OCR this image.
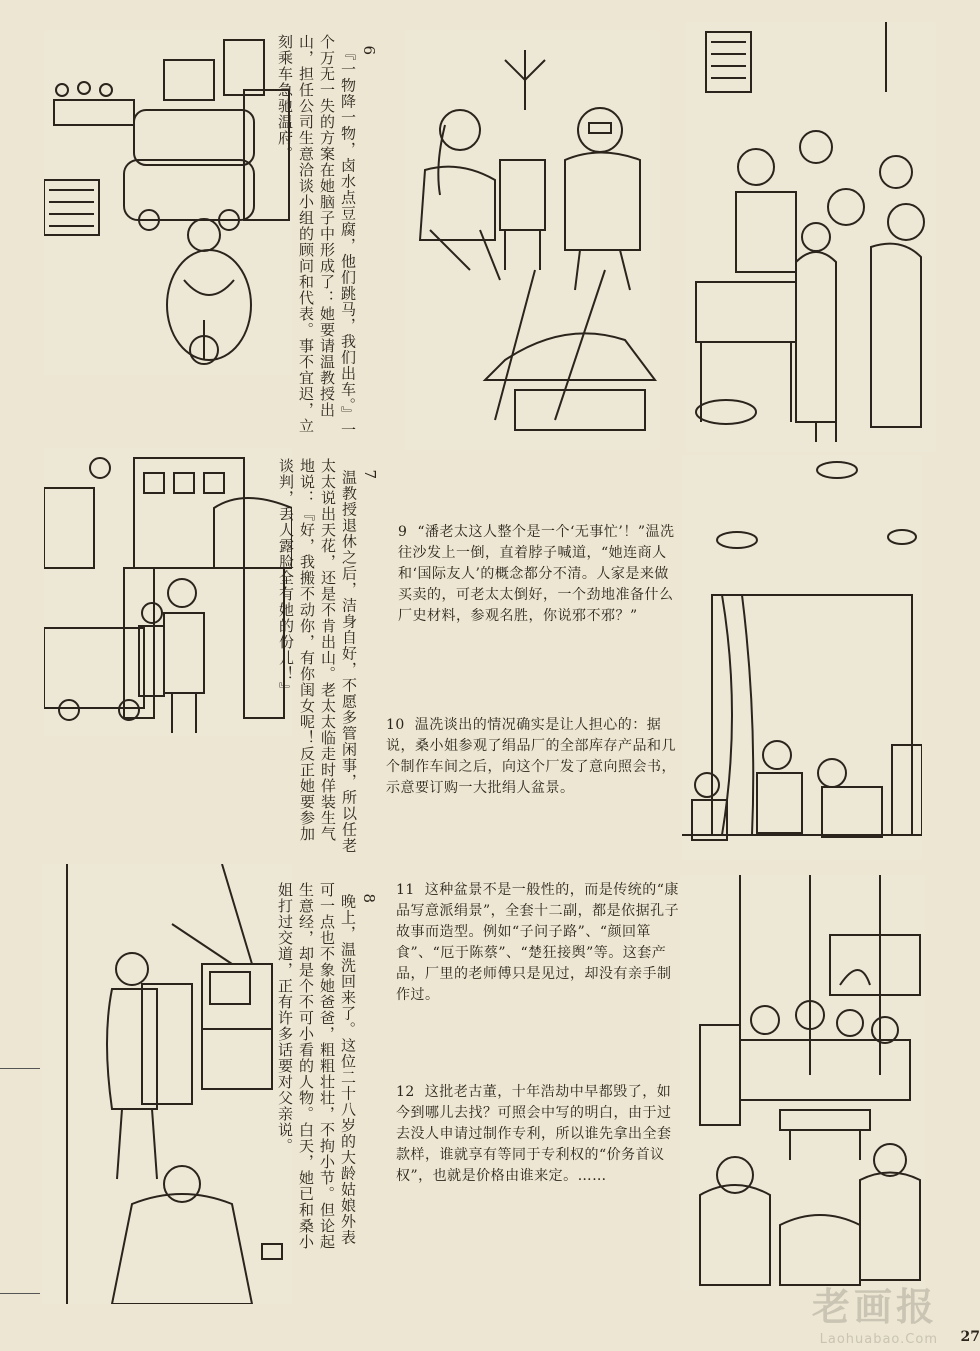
6
『一物降一物，卤水点豆腐，他们跳马，我们出车。』一个万无一失的方案在她脑子中形成了：她要请温教授出山，担任公司生意洽谈小组的顾问和代表。事不宜迟，立刻乘车急驰温府。

7
温教授退休之后，洁身自好，不愿多管闲事，所以任老太太说出天花，还是不肯出山。老太太临走时佯装生气地说：『好，我搬不动你，有你闺女呢！反正她要参加谈判，丢人露脸全有她的份儿！』

8
晚上，温洗回来了。这位二十八岁的大龄姑娘外表可一点也不象她爸爸，粗粗壮壮，不拘小节。但论起生意经，却是个不可小看的人物。白天，她已和桑小姐打过交道，正有许多话要对父亲说。

9 “潘老太这人整个是一个‘无事忙’！”温冼往沙发上一倒，直着脖子喊道，“她连商人和‘国际友人’的概念都分不清。人家是来做买卖的，可老太太倒好，一个劲地准备什么厂史材料，参观名胜，你说邪不邪？”
10 温冼谈出的情况确实是让人担心的：据说，桑小姐参观了绢品厂的全部库存产品和几个制作车间之后，向这个厂发了意向照会书，示意要订购一大批绢人盆景。
11 这种盆景不是一般性的，而是传统的“康品写意派绢景”，全套十二副，都是依据孔子故事而造型。例如“子问子路”、“颜回箪食”、“厄于陈蔡”、“楚狂接舆”等。这套产品，厂里的老师傅只是见过，却没有亲手制作过。
12 这批老古董，十年浩劫中早都毁了，如今到哪儿去找？可照会中写的明白，由于过去没人申请过制作专利，所以谁先拿出全套款样，谁就享有等同于专利权的“价务首议权”，也就是价格由谁来定。……
老画报
Laohuabao.Com 27
